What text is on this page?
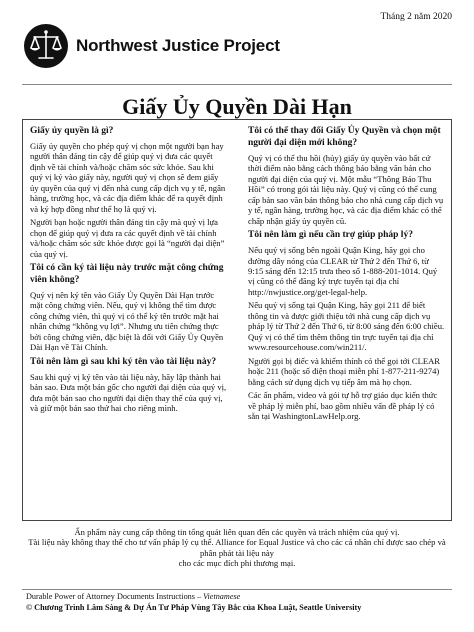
Tháng 2 năm 2020
Northwest Justice Project
Giấy Ủy Quyền Dài Hạn
Giấy ủy quyền là gì?

Giấy ủy quyền cho phép quý vị chọn một người bạn hay người thân đáng tin cậy để giúp quý vị đưa các quyết định về tài chính và/hoặc chăm sóc sức khỏe. Sau khi quý vị ký vào giấy này, người quý vị chọn sẽ đem giấy ủy quyền của quý vị đến nhà cung cấp dịch vụ y tế, ngân hàng, trường học, và các địa điểm khác để ra quyết định và ký hợp đồng như thể họ là quý vị.

Người bạn hoặc người thân đáng tin cậy mà quý vị lựa chọn để giúp quý vị đưa ra các quyết định về tài chính và/hoặc chăm sóc sức khỏe được gọi là “người đại diện” của quý vị.

Tôi có cần ký tài liệu này trước mặt công chứng viên không?

Quý vị nên ký tên vào Giấy Ủy Quyền Dài Hạn trước mặt công chứng viên. Nếu, quý vị không thể tìm được công chứng viên, thì quý vị có thể ký tên trước mặt hai nhân chứng “không vụ lợi”. Nhưng ưu tiên chứng thực bởi công chứng viên, đặc biệt là đối với Giấy Ủy Quyền Dài Hạn về Tài Chính.

Tôi nên làm gì sau khi ký tên vào tài liệu này?

Sau khi quý vị ký tên vào tài liệu này, hãy lập thành hai bản sao. Đưa một bản gốc cho người đại diện của quý vị, đưa một bản sao cho người đại diện thay thế của quý vị, và giữ một bản sao thứ hai cho riêng mình.

Tôi có thể thay đổi Giấy Ủy Quyền và chọn một người đại diện mới không?

Quý vị có thể thu hồi (hủy) giấy ủy quyền vào bất cứ thời điểm nào bằng cách thông báo bằng văn bản cho người đại diện của quý vị. Một mẫu “Thông Báo Thu Hồi” có trong gói tài liệu này. Quý vị cũng có thể cung cấp bản sao văn bản thông báo cho nhà cung cấp dịch vụ y tế, ngân hàng, trường học, và các địa điểm khác có thể chấp nhận giấy ủy quyền cũ.

Tôi nên làm gì nếu cần trợ giúp pháp lý?

Nếu quý vị sống bên ngoài Quận King, hãy gọi cho đường dây nóng của CLEAR từ Thứ 2 đến Thứ 6, từ 9:15 sáng đến 12:15 trưa theo số 1-888-201-1014. Quý vị cũng có thể đăng ký trực tuyến tại địa chỉ http://nwjustice.org/get-legal-help.

Nếu quý vị sống tại Quận King, hãy gọi 211 để biết thông tin và được giới thiệu tới nhà cung cấp dịch vụ pháp lý từ Thứ 2 đến Thứ 6, từ 8:00 sáng đến 6:00 chiều. Quý vị có thể tìm thêm thông tin trực tuyến tại địa chỉ www.resourcehouse.com/win211/.

Người gọi bị điếc và khiếm thính có thể gọi tới CLEAR hoặc 211 (hoặc số điện thoại miễn phí 1-877-211-9274) bằng cách sử dụng dịch vụ tiếp âm mà họ chọn.

Các ấn phẩm, video và gói tự hỗ trợ giáo dục kiến thức về pháp lý miễn phí, bao gồm nhiều vấn đề pháp lý có sẵn tại WashingtonLawHelp.org.

Ấn phẩm này cung cấp thông tin tổng quát liên quan đến các quyền và trách nhiệm của quý vị.
Tài liệu này không thay thế cho tư vấn pháp lý cụ thể. Alliance for Equal Justice và cho các cá nhân chỉ được sao chép và phân phát tài liệu này
cho các mục đích phi thương mại.
Durable Power of Attorney Documents Instructions – Vietnamese
© Chương Trình Lâm Sàng & Dự Án Tư Pháp Vùng Tây Bắc của Khoa Luật, Seattle University
